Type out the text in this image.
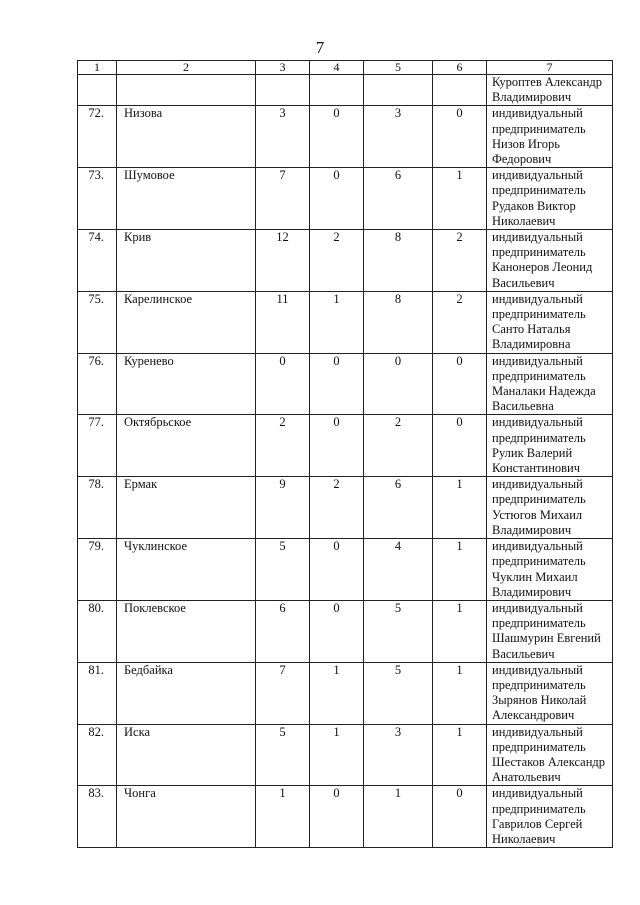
7
1	2	3	4	5	6	7

						Куроптев Александр
Владимирович

72.	Низова	3	0	3	0	индивидуальный
предприниматель
Низов Игорь
Федорович

73.	Шумовое	7	0	6	1	индивидуальный
предприниматель
Рудаков Виктор
Николаевич

74.	Крив	12	2	8	2	индивидуальный
предприниматель
Канонеров Леонид
Васильевич

75.	Карелинское	11	1	8	2	индивидуальный
предприниматель
Санто Наталья
Владимировна

76.	Куренево	0	0	0	0	индивидуальный
предприниматель
Маналаки Надежда
Васильевна

77.	Октябрьское	2	0	2	0	индивидуальный
предприниматель
Рулик Валерий
Константинович

78.	Ермак	9	2	6	1	индивидуальный
предприниматель
Устюгов Михаил
Владимирович

79.	Чуклинское	5	0	4	1	индивидуальный
предприниматель
Чуклин Михаил
Владимирович

80.	Поклевское	6	0	5	1	индивидуальный
предприниматель
Шашмурин Евгений
Васильевич

81.	Бедбайка	7	1	5	1	индивидуальный
предприниматель
Зырянов Николай
Александрович

82.	Иска	5	1	3	1	индивидуальный
предприниматель
Шестаков Александр
Анатольевич

83.	Чонга	1	0	1	0	индивидуальный
предприниматель
Гаврилов Сергей
Николаевич
